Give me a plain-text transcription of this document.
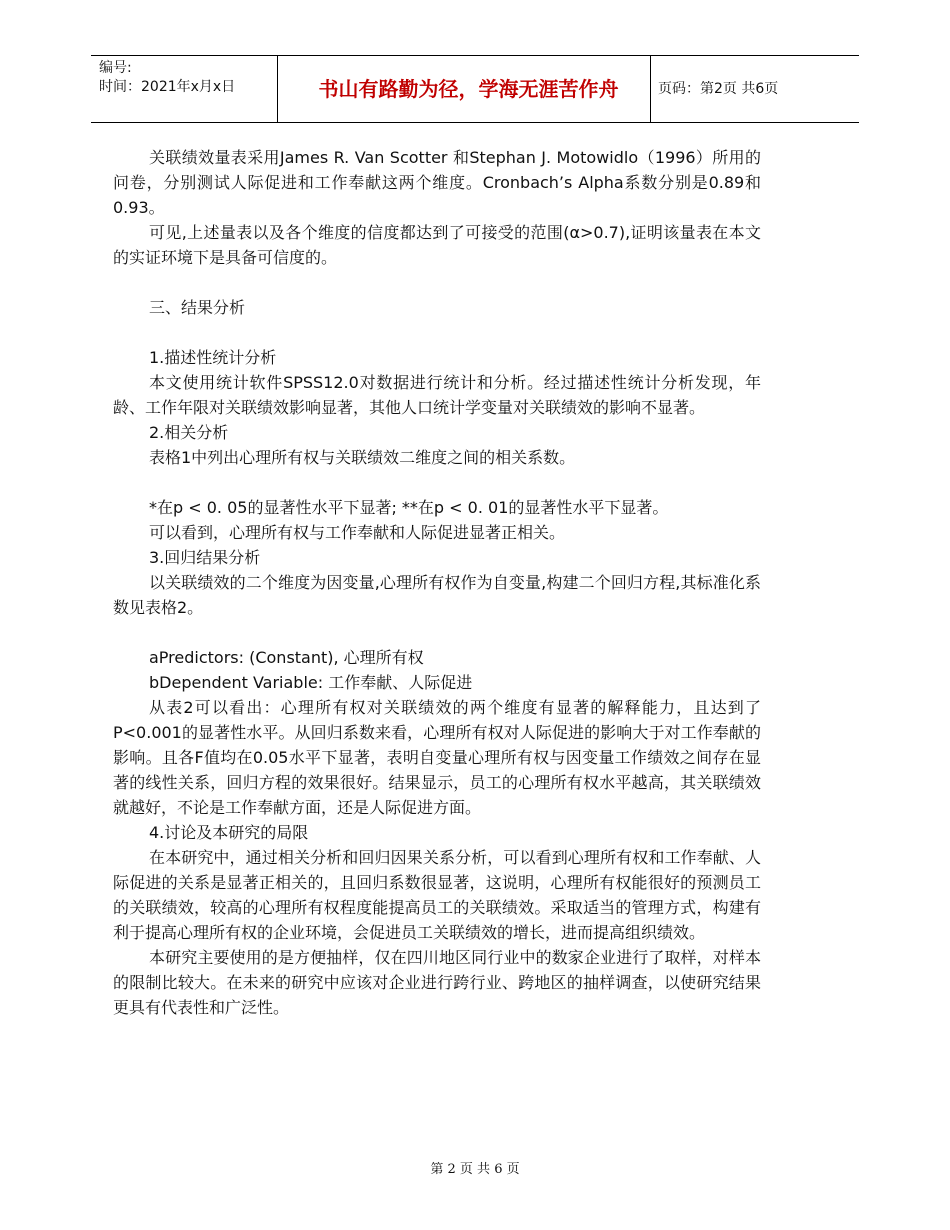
编号:
时间：2021年x月x日	书山有路勤为径，学海无涯苦作舟	页码：第2页 共6页

关联绩效量表采用James R. Van Scotter 和Stephan J. Motowidlo（1996）所用的问卷，分别测试人际促进和工作奉献这两个维度。Cronbach’s Alpha系数分别是0.89和0.93。

可见,上述量表以及各个维度的信度都达到了可接受的范围(α>0.7),证明该量表在本文的实证环境下是具备可信度的。

三、结果分析

1.描述性统计分析

本文使用统计软件SPSS12.0对数据进行统计和分析。经过描述性统计分析发现，年龄、工作年限对关联绩效影响显著，其他人口统计学变量对关联绩效的影响不显著。

2.相关分析

表格1中列出心理所有权与关联绩效二维度之间的相关系数。

*在p < 0. 05的显著性水平下显著; **在p < 0. 01的显著性水平下显著。

可以看到，心理所有权与工作奉献和人际促进显著正相关。

3.回归结果分析

以关联绩效的二个维度为因变量,心理所有权作为自变量,构建二个回归方程,其标准化系数见表格2。

aPredictors: (Constant), 心理所有权

bDependent Variable: 工作奉献、人际促进

从表2可以看出：心理所有权对关联绩效的两个维度有显著的解释能力，且达到了P<0.001的显著性水平。从回归系数来看，心理所有权对人际促进的影响大于对工作奉献的影响。且各F值均在0.05水平下显著，表明自变量心理所有权与因变量工作绩效之间存在显著的线性关系，回归方程的效果很好。结果显示，员工的心理所有权水平越高，其关联绩效就越好，不论是工作奉献方面，还是人际促进方面。

4.讨论及本研究的局限

在本研究中，通过相关分析和回归因果关系分析，可以看到心理所有权和工作奉献、人际促进的关系是显著正相关的，且回归系数很显著，这说明，心理所有权能很好的预测员工的关联绩效，较高的心理所有权程度能提高员工的关联绩效。采取适当的管理方式，构建有利于提高心理所有权的企业环境，会促进员工关联绩效的增长，进而提高组织绩效。

本研究主要使用的是方便抽样，仅在四川地区同行业中的数家企业进行了取样，对样本的限制比较大。在未来的研究中应该对企业进行跨行业、跨地区的抽样调查，以使研究结果更具有代表性和广泛性。

第 2 页 共 6 页
